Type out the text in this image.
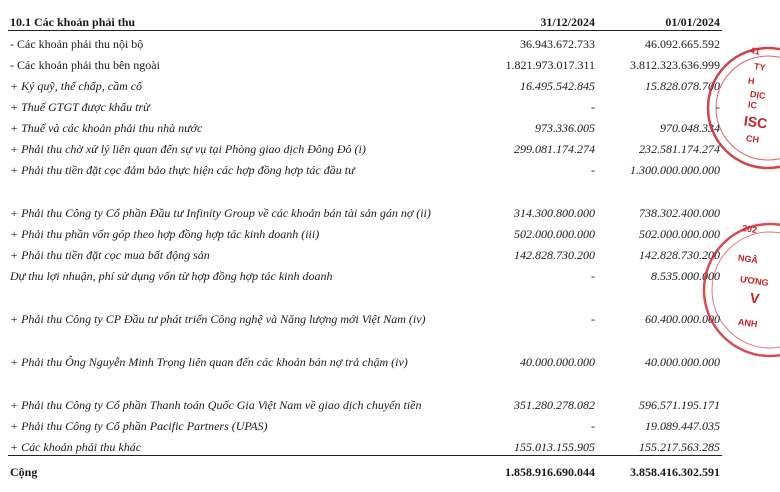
10.1 Các khoản phải thu	31/12/2024	01/01/2024
- Các khoản phải thu nội bộ	36.943.672.733	46.092.665.592
- Các khoản phải thu bên ngoài	1.821.973.017.311	3.812.323.636.999
+ Ký quỹ, thế chấp, cầm cố	16.495.542.845	15.828.078.700
+ Thuế GTGT được khấu trừ	-	-
+ Thuế và các khoản phải thu nhà nước	973.336.005	970.048.334
+ Phải thu chờ xử lý liên quan đến sự vụ tại Phòng giao dịch Đông Đô (i)	299.081.174.274	232.581.174.274
+ Phải thu tiền đặt cọc đảm bảo thực hiện các hợp đồng hợp tác đầu tư	-	1.300.000.000.000
+ Phải thu Công ty Cổ phần Đầu tư Infinity Group về các khoản bán tài sản gán nợ (ii)	314.300.800.000	738.302.400.000
+ Phải thu phần vốn góp theo hợp đồng hợp tác kinh doanh (iii)	502.000.000.000	502.000.000.000
+ Phải thu tiền đặt cọc mua bất động sản	142.828.730.200	142.828.730.200
Dự thu lợi nhuận, phí sử dụng vốn từ hợp đồng hợp tác kinh doanh	-	8.535.000.000
+ Phải thu Công ty CP Đầu tư phát triển Công nghệ và Năng lượng mới Việt Nam (iv)	-	60.400.000.000
+ Phải thu Ông Nguyễn Minh Trọng liên quan đến các khoản bán nợ trả chậm (iv)	40.000.000.000	40.000.000.000
+ Phải thu Công ty Cổ phần Thanh toán Quốc Gia Việt Nam về giao dịch chuyển tiền	351.280.278.082	596.571.195.171
+ Phải thu Công ty Cổ phần Pacific Partners (UPAS)	-	19.089.447.035
+ Các khoản phải thu khác	155.013.155.905	155.217.563.285
Cộng	1.858.916.690.044	3.858.416.302.591
41
TY
H
DỊC
IC
ISC
CH
202
NGÂ
ƯƠNG
V
ANH
